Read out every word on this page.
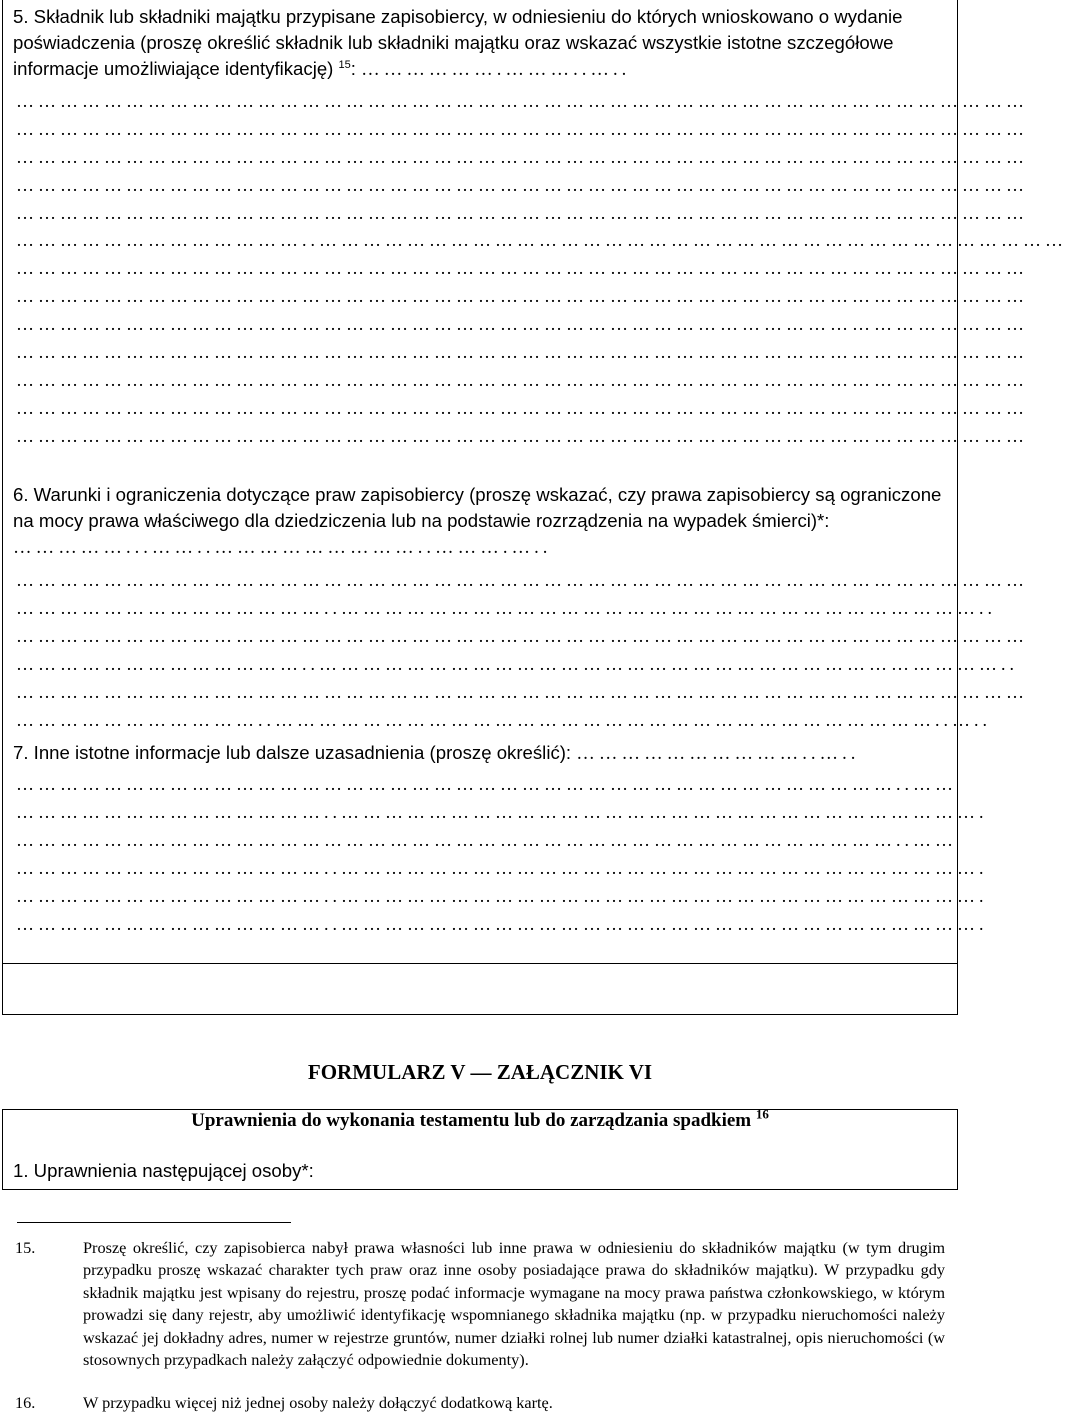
5. Składnik lub składniki majątku przypisane zapisobiercy, w odniesieniu do których wnioskowano o wydanie poświadczenia (proszę określić składnik lub składniki majątku oraz wskazać wszystkie istotne szczegółowe informacje umożliwiające identyfikację) $^{15}$: ……………….………..…..
…………………………………………………………………………………………………………………………
…………………………………………………………………………………………………………………………
…………………………………………………………………………………………………………………………
…………………………………………………………………………………………………………………………
…………………………………………………………………………………………………………………………
…………………………………..…………………………………………………………………………………………
…………………………………………………………………………………………………………………………
…………………………………………………………………………………………………………………………
…………………………………………………………………………………………………………………………
…………………………………………………………………………………………………………………………
…………………………………………………………………………………………………………………………
…………………………………………………………………………………………………………………………
…………………………………………………………………………………………………………………………
6. Warunki i ograniczenia dotyczące praw zapisobiercy (proszę wskazać, czy prawa zapisobiercy są ograniczone na mocy prawa właściwego dla dziedziczenia lub na podstawie rozrządzenia na wypadek śmierci)*: ……………...……..………………………..……….…..
…………………………………………………………………………………………………………………………
……………………………………..……………………………………………………………………………..
…………………………………………………………………………………………………………………………
…………………………………..…………………………………………………………………………………..
…………………………………………………………………………………………………………………………
……………………………..………………………………………………………………………………..…..
7. Inne istotne informacje lub dalsze uzasadnienia (proszę określić): …………………………..…..
…………………………………………………………………………………………………………..……
……………………………………..…………………………………………………………………………….
…………………………………………………………………………………………………………..……
……………………………………..…………………………………………………………………………….
……………………………………..…………………………………………………………………………….
……………………………………..…………………………………………………………………………….
FORMULARZ V — ZAŁĄCZNIK VI
Uprawnienia do wykonania testamentu lub do zarządzania spadkiem $^{16}$
1. Uprawnienia następującej osoby*:
15.	Proszę określić, czy zapisobierca nabył prawa własności lub inne prawa w odniesieniu do składników majątku (w tym drugim przypadku proszę wskazać charakter tych praw oraz inne osoby posiadające prawa do składników majątku). W przypadku gdy składnik majątku jest wpisany do rejestru, proszę podać informacje wymagane na mocy prawa państwa członkowskiego, w którym prowadzi się dany rejestr, aby umożliwić identyfikację wspomnianego składnika majątku (np. w przypadku nieruchomości należy wskazać jej dokładny adres, numer w rejestrze gruntów, numer działki rolnej lub numer działki katastralnej, opis nieruchomości (w stosownych przypadkach należy załączyć odpowiednie dokumenty).
16.	W przypadku więcej niż jednej osoby należy dołączyć dodatkową kartę.
